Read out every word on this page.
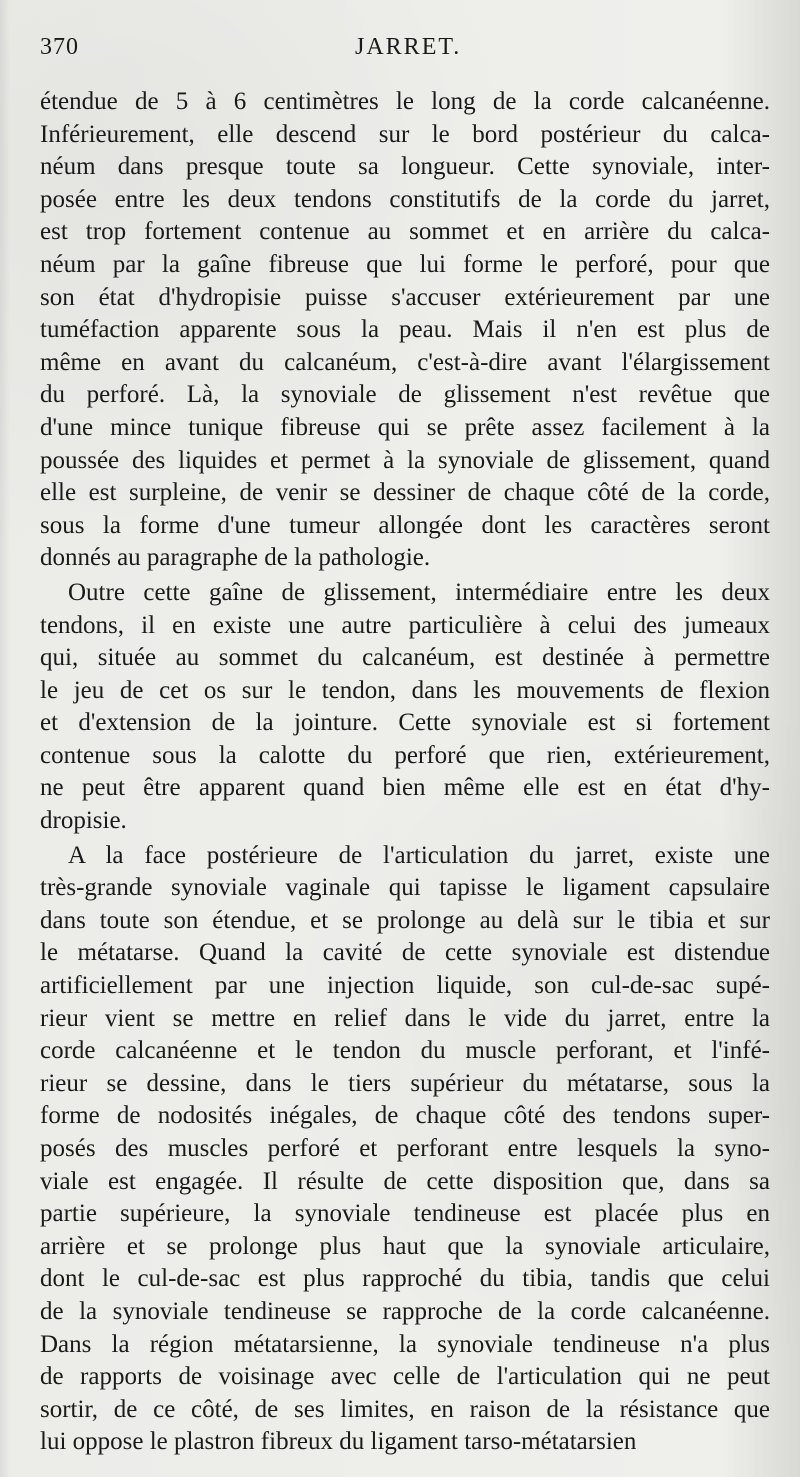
370	JARRET.
étendue de 5 à 6 centimètres le long de la corde calcanéenne.
Inférieurement, elle descend sur le bord postérieur du calca-
néum dans presque toute sa longueur. Cette synoviale, inter-
posée entre les deux tendons constitutifs de la corde du jarret,
est trop fortement contenue au sommet et en arrière du calca-
néum par la gaîne fibreuse que lui forme le perforé, pour que
son état d'hydropisie puisse s'accuser extérieurement par une
tuméfaction apparente sous la peau. Mais il n'en est plus de
même en avant du calcanéum, c'est-à-dire avant l'élargissement
du perforé. Là, la synoviale de glissement n'est revêtue que
d'une mince tunique fibreuse qui se prête assez facilement à la
poussée des liquides et permet à la synoviale de glissement, quand
elle est surpleine, de venir se dessiner de chaque côté de la corde,
sous la forme d'une tumeur allongée dont les caractères seront
donnés au paragraphe de la pathologie.
Outre cette gaîne de glissement, intermédiaire entre les deux
tendons, il en existe une autre particulière à celui des jumeaux
qui, située au sommet du calcanéum, est destinée à permettre
le jeu de cet os sur le tendon, dans les mouvements de flexion
et d'extension de la jointure. Cette synoviale est si fortement
contenue sous la calotte du perforé que rien, extérieurement,
ne peut être apparent quand bien même elle est en état d'hy-
dropisie.
A la face postérieure de l'articulation du jarret, existe une
très-grande synoviale vaginale qui tapisse le ligament capsulaire
dans toute son étendue, et se prolonge au delà sur le tibia et sur
le métatarse. Quand la cavité de cette synoviale est distendue
artificiellement par une injection liquide, son cul-de-sac supé-
rieur vient se mettre en relief dans le vide du jarret, entre la
corde calcanéenne et le tendon du muscle perforant, et l'infé-
rieur se dessine, dans le tiers supérieur du métatarse, sous la
forme de nodosités inégales, de chaque côté des tendons super-
posés des muscles perforé et perforant entre lesquels la syno-
viale est engagée. Il résulte de cette disposition que, dans sa
partie supérieure, la synoviale tendineuse est placée plus en
arrière et se prolonge plus haut que la synoviale articulaire,
dont le cul-de-sac est plus rapproché du tibia, tandis que celui
de la synoviale tendineuse se rapproche de la corde calcanéenne.
Dans la région métatarsienne, la synoviale tendineuse n'a plus
de rapports de voisinage avec celle de l'articulation qui ne peut
sortir, de ce côté, de ses limites, en raison de la résistance que
lui oppose le plastron fibreux du ligament tarso-métatarsien
